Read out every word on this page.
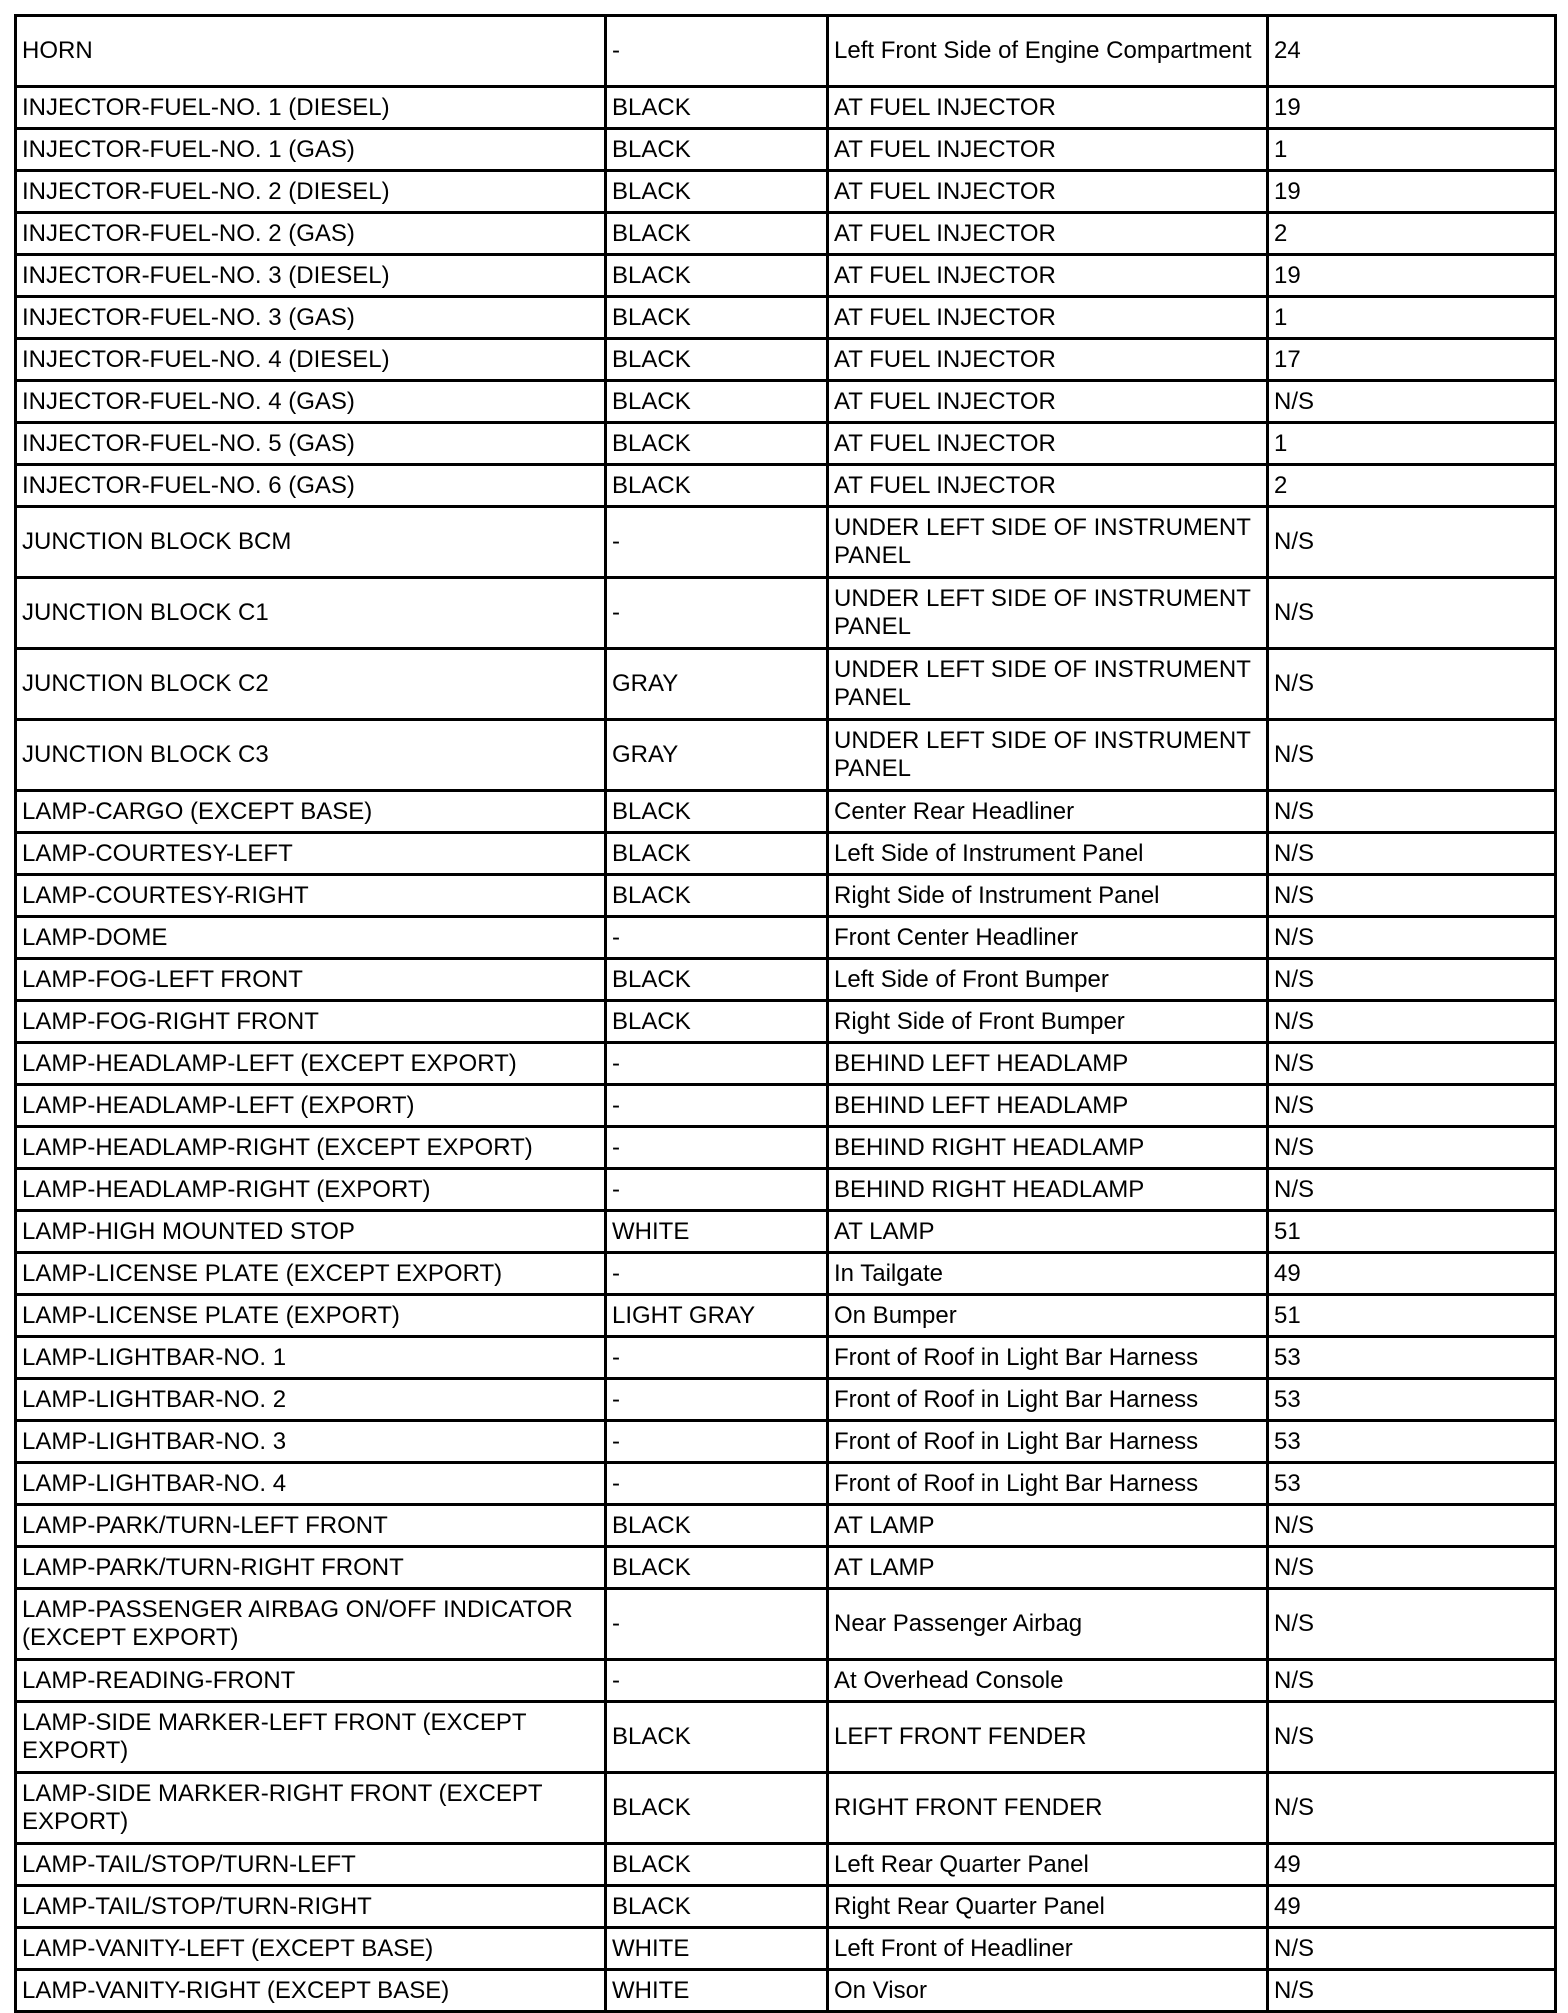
HORN	-	Left Front Side of Engine Compartment	24
INJECTOR-FUEL-NO. 1 (DIESEL)	BLACK	AT FUEL INJECTOR	19
INJECTOR-FUEL-NO. 1 (GAS)	BLACK	AT FUEL INJECTOR	1
INJECTOR-FUEL-NO. 2 (DIESEL)	BLACK	AT FUEL INJECTOR	19
INJECTOR-FUEL-NO. 2 (GAS)	BLACK	AT FUEL INJECTOR	2
INJECTOR-FUEL-NO. 3 (DIESEL)	BLACK	AT FUEL INJECTOR	19
INJECTOR-FUEL-NO. 3 (GAS)	BLACK	AT FUEL INJECTOR	1
INJECTOR-FUEL-NO. 4 (DIESEL)	BLACK	AT FUEL INJECTOR	17
INJECTOR-FUEL-NO. 4 (GAS)	BLACK	AT FUEL INJECTOR	N/S
INJECTOR-FUEL-NO. 5 (GAS)	BLACK	AT FUEL INJECTOR	1
INJECTOR-FUEL-NO. 6 (GAS)	BLACK	AT FUEL INJECTOR	2
JUNCTION BLOCK BCM	-	UNDER LEFT SIDE OF INSTRUMENT PANEL	N/S
JUNCTION BLOCK C1	-	UNDER LEFT SIDE OF INSTRUMENT PANEL	N/S
JUNCTION BLOCK C2	GRAY	UNDER LEFT SIDE OF INSTRUMENT PANEL	N/S
JUNCTION BLOCK C3	GRAY	UNDER LEFT SIDE OF INSTRUMENT PANEL	N/S
LAMP-CARGO (EXCEPT BASE)	BLACK	Center Rear Headliner	N/S
LAMP-COURTESY-LEFT	BLACK	Left Side of Instrument Panel	N/S
LAMP-COURTESY-RIGHT	BLACK	Right Side of Instrument Panel	N/S
LAMP-DOME	-	Front Center Headliner	N/S
LAMP-FOG-LEFT FRONT	BLACK	Left Side of Front Bumper	N/S
LAMP-FOG-RIGHT FRONT	BLACK	Right Side of Front Bumper	N/S
LAMP-HEADLAMP-LEFT (EXCEPT EXPORT)	-	BEHIND LEFT HEADLAMP	N/S
LAMP-HEADLAMP-LEFT (EXPORT)	-	BEHIND LEFT HEADLAMP	N/S
LAMP-HEADLAMP-RIGHT (EXCEPT EXPORT)	-	BEHIND RIGHT HEADLAMP	N/S
LAMP-HEADLAMP-RIGHT (EXPORT)	-	BEHIND RIGHT HEADLAMP	N/S
LAMP-HIGH MOUNTED STOP	WHITE	AT LAMP	51
LAMP-LICENSE PLATE (EXCEPT EXPORT)	-	In Tailgate	49
LAMP-LICENSE PLATE (EXPORT)	LIGHT GRAY	On Bumper	51
LAMP-LIGHTBAR-NO. 1	-	Front of Roof in Light Bar Harness	53
LAMP-LIGHTBAR-NO. 2	-	Front of Roof in Light Bar Harness	53
LAMP-LIGHTBAR-NO. 3	-	Front of Roof in Light Bar Harness	53
LAMP-LIGHTBAR-NO. 4	-	Front of Roof in Light Bar Harness	53
LAMP-PARK/TURN-LEFT FRONT	BLACK	AT LAMP	N/S
LAMP-PARK/TURN-RIGHT FRONT	BLACK	AT LAMP	N/S
LAMP-PASSENGER AIRBAG ON/OFF INDICATOR (EXCEPT EXPORT)	-	Near Passenger Airbag	N/S
LAMP-READING-FRONT	-	At Overhead Console	N/S
LAMP-SIDE MARKER-LEFT FRONT (EXCEPT EXPORT)	BLACK	LEFT FRONT FENDER	N/S
LAMP-SIDE MARKER-RIGHT FRONT (EXCEPT EXPORT)	BLACK	RIGHT FRONT FENDER	N/S
LAMP-TAIL/STOP/TURN-LEFT	BLACK	Left Rear Quarter Panel	49
LAMP-TAIL/STOP/TURN-RIGHT	BLACK	Right Rear Quarter Panel	49
LAMP-VANITY-LEFT (EXCEPT BASE)	WHITE	Left Front of Headliner	N/S
LAMP-VANITY-RIGHT (EXCEPT BASE)	WHITE	On Visor	N/S
